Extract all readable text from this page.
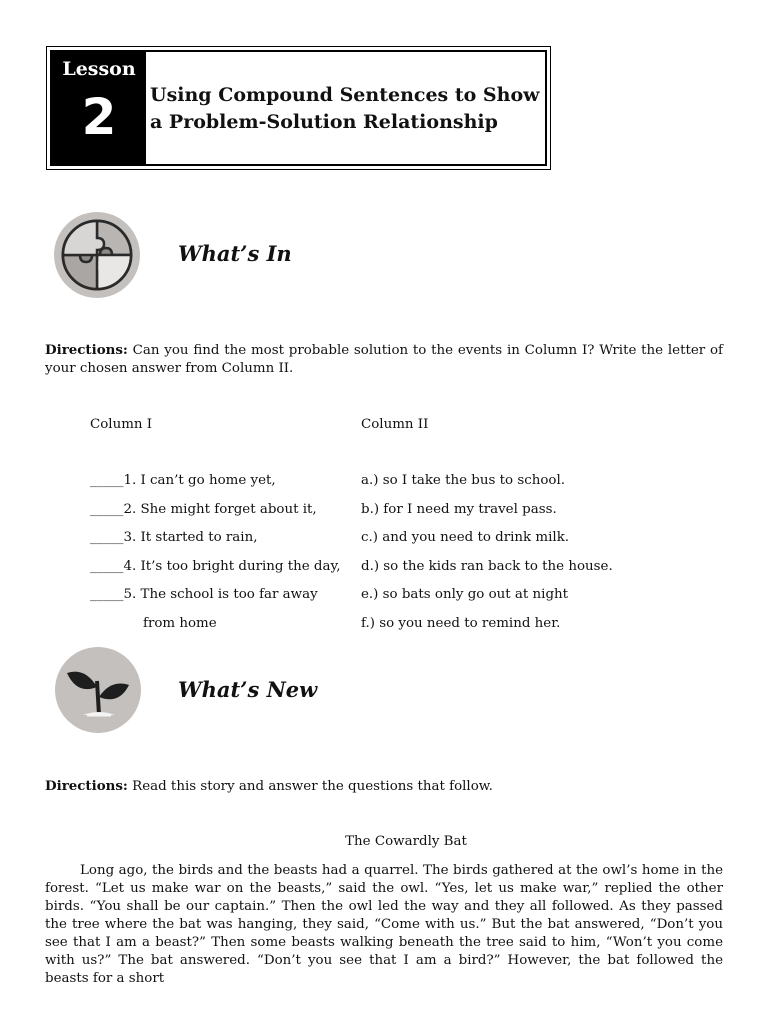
Lesson
2	Using Compound Sentences to Show
a Problem-Solution Relationship
What’s In
Directions: Can you find the most probable solution to the events in Column I? Write the letter of your chosen answer from Column II.
Column I	Column II
_____1. I can’t go home yet,
_____2. She might forget about it,
_____3. It started to rain,
_____4. It’s too bright during the day,
_____5. The school is too far away
from home
a.) so I take the bus to school.
b.) for I need my travel pass.
c.) and you need to drink milk.
d.) so the kids ran back to the house.
e.) so bats only go out at night
f.) so you need to remind her.
What’s New
Directions: Read this story and answer the questions that follow.
The Cowardly Bat
Long ago, the birds and the beasts had a quarrel. The birds gathered at the owl’s home in the forest. “Let us make war on the beasts,” said the owl. “Yes, let us make war,” replied the other birds. “You shall be our captain.” Then the owl led the way and they all followed. As they passed the tree where the bat was hanging, they said, “Come with us.” But the bat answered, “Don’t you see that I am a beast?” Then some beasts walking beneath the tree said to him, “Won’t you come with us?” The bat answered. “Don’t you see that I am a bird?” However, the bat followed the beasts for a short
